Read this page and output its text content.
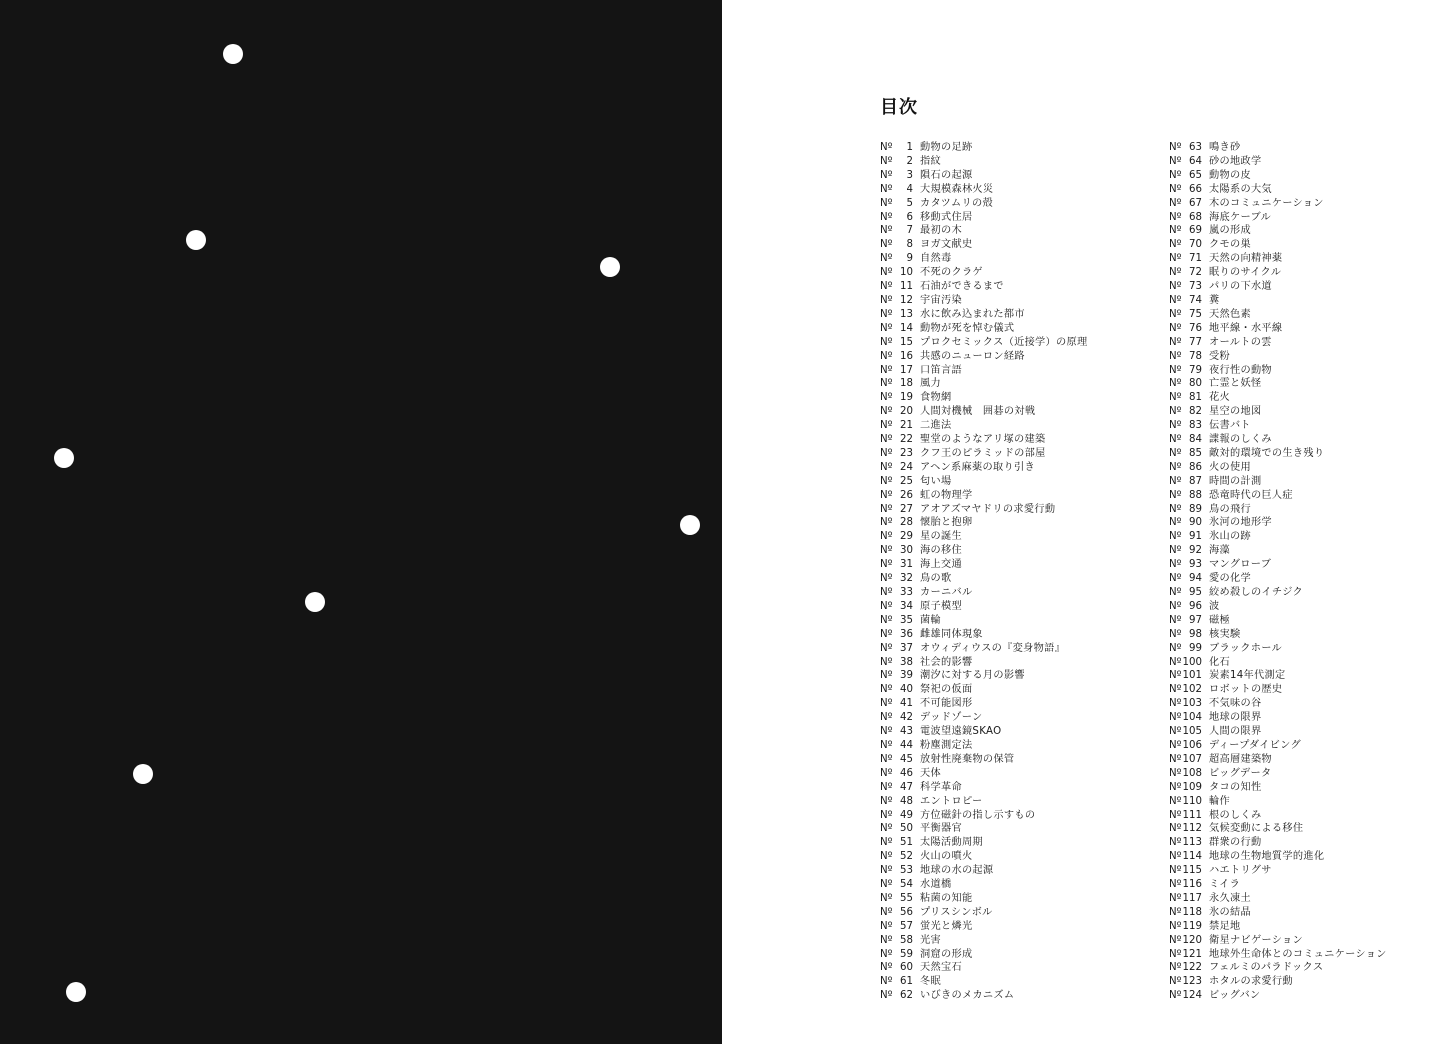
目次
Nº 1 動物の足跡
Nº 2 指紋
Nº 3 隕石の起源
Nº 4 大規模森林火災
Nº 5 カタツムリの殻
Nº 6 移動式住居
Nº 7 最初の木
Nº 8 ヨガ文献史
Nº 9 自然毒
Nº 10 不死のクラゲ
Nº 11 石油ができるまで
Nº 12 宇宙汚染
Nº 13 水に飲み込まれた都市
Nº 14 動物が死を悼む儀式
Nº 15 プロクセミックス（近接学）の原理
Nº 16 共感のニューロン経路
Nº 17 口笛言語
Nº 18 風力
Nº 19 食物網
Nº 20 人間対機械　囲碁の対戦
Nº 21 二進法
Nº 22 聖堂のようなアリ塚の建築
Nº 23 クフ王のピラミッドの部屋
Nº 24 アヘン系麻薬の取り引き
Nº 25 匂い場
Nº 26 虹の物理学
Nº 27 アオアズマヤドリの求愛行動
Nº 28 懐胎と抱卵
Nº 29 星の誕生
Nº 30 海の移住
Nº 31 海上交通
Nº 32 鳥の歌
Nº 33 カーニバル
Nº 34 原子模型
Nº 35 菌輪
Nº 36 雌雄同体現象
Nº 37 オウィディウスの『変身物語』
Nº 38 社会的影響
Nº 39 潮汐に対する月の影響
Nº 40 祭祀の仮面
Nº 41 不可能図形
Nº 42 デッドゾーン
Nº 43 電波望遠鏡SKAO
Nº 44 粉塵測定法
Nº 45 放射性廃棄物の保管
Nº 46 天体
Nº 47 科学革命
Nº 48 エントロピー
Nº 49 方位磁針の指し示すもの
Nº 50 平衡器官
Nº 51 太陽活動周期
Nº 52 火山の噴火
Nº 53 地球の水の起源
Nº 54 水道橋
Nº 55 粘菌の知能
Nº 56 プリスシンボル
Nº 57 蛍光と燐光
Nº 58 光害
Nº 59 洞窟の形成
Nº 60 天然宝石
Nº 61 冬眠
Nº 62 いびきのメカニズム
Nº 63 鳴き砂
Nº 64 砂の地政学
Nº 65 動物の皮
Nº 66 太陽系の大気
Nº 67 木のコミュニケーション
Nº 68 海底ケーブル
Nº 69 嵐の形成
Nº 70 クモの巣
Nº 71 天然の向精神薬
Nº 72 眠りのサイクル
Nº 73 パリの下水道
Nº 74 糞
Nº 75 天然色素
Nº 76 地平線・水平線
Nº 77 オールトの雲
Nº 78 受粉
Nº 79 夜行性の動物
Nº 80 亡霊と妖怪
Nº 81 花火
Nº 82 星空の地図
Nº 83 伝書バト
Nº 84 諜報のしくみ
Nº 85 敵対的環境での生き残り
Nº 86 火の使用
Nº 87 時間の計測
Nº 88 恐竜時代の巨人症
Nº 89 鳥の飛行
Nº 90 氷河の地形学
Nº 91 氷山の跡
Nº 92 海藻
Nº 93 マングローブ
Nº 94 愛の化学
Nº 95 絞め殺しのイチジク
Nº 96 波
Nº 97 磁極
Nº 98 核実験
Nº 99 ブラックホール
Nº 100 化石
Nº 101 炭素14年代測定
Nº 102 ロボットの歴史
Nº 103 不気味の谷
Nº 104 地球の限界
Nº 105 人間の限界
Nº 106 ディープダイビング
Nº 107 超高層建築物
Nº 108 ビッグデータ
Nº 109 タコの知性
Nº 110 輪作
Nº 111 根のしくみ
Nº 112 気候変動による移住
Nº 113 群衆の行動
Nº 114 地球の生物地質学的進化
Nº 115 ハエトリグサ
Nº 116 ミイラ
Nº 117 永久凍土
Nº 118 氷の結晶
Nº 119 禁足地
Nº 120 衛星ナビゲーション
Nº 121 地球外生命体とのコミュニケーション
Nº 122 フェルミのパラドックス
Nº 123 ホタルの求愛行動
Nº 124 ビッグバン
